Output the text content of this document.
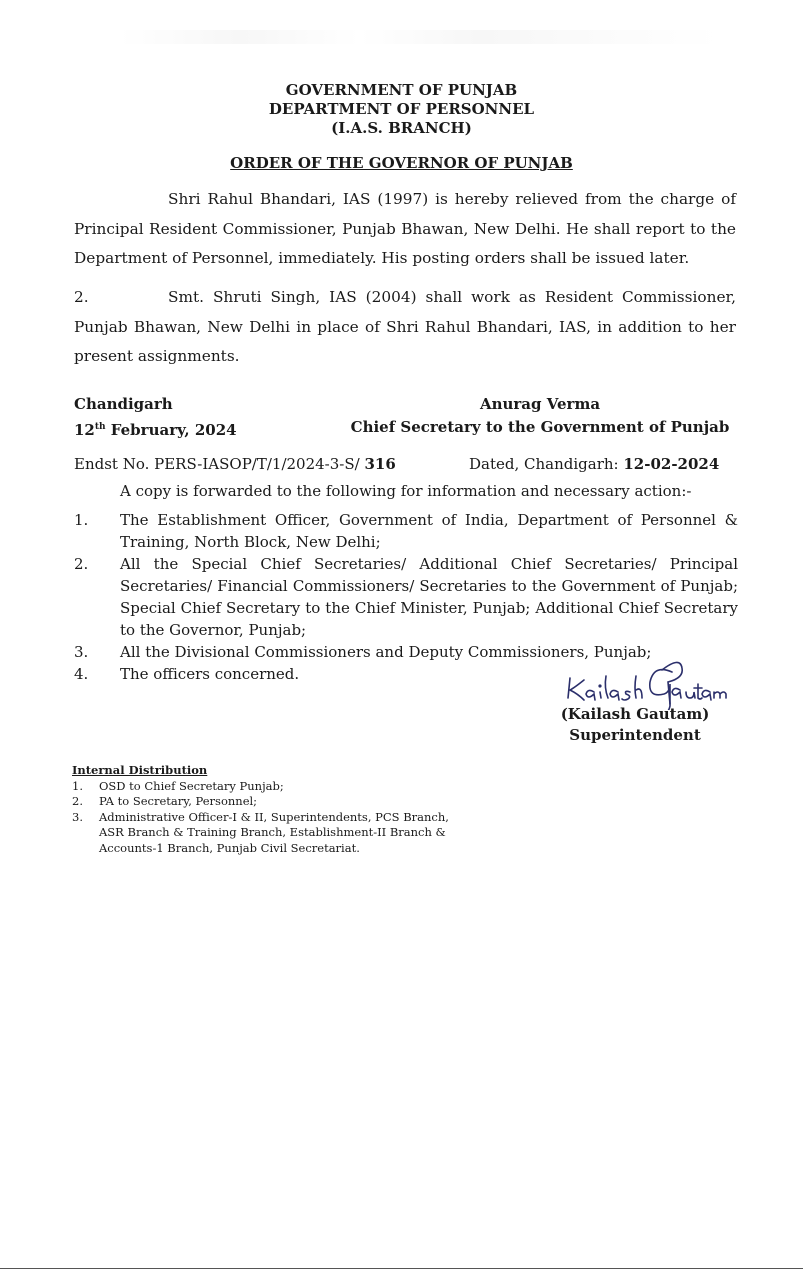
GOVERNMENT OF PUNJAB
DEPARTMENT OF PERSONNEL
(I.A.S. BRANCH)
ORDER OF THE GOVERNOR OF PUNJAB
Shri Rahul Bhandari, IAS (1997) is hereby relieved from the charge of Principal Resident Commissioner, Punjab Bhawan, New Delhi. He shall report to the Department of Personnel, immediately. His posting orders shall be issued later.
2.	Smt. Shruti Singh, IAS (2004) shall work as Resident Commissioner, Punjab Bhawan, New Delhi in place of Shri Rahul Bhandari, IAS, in addition to her present assignments.
Chandigarh
12th February, 2024
Anurag Verma
Chief Secretary to the Government of Punjab
Endst No. PERS-IASOP/T/1/2024-3-S/ 316	Dated, Chandigarh: 12-02-2024
A copy is forwarded to the following for information and necessary action:-
1. The Establishment Officer, Government of India, Department of Personnel & Training, North Block, New Delhi;
2. All the Special Chief Secretaries/ Additional Chief Secretaries/ Principal Secretaries/ Financial Commissioners/ Secretaries to the Government of Punjab; Special Chief Secretary to the Chief Minister, Punjab; Additional Chief Secretary to the Governor, Punjab;
3. All the Divisional Commissioners and Deputy Commissioners, Punjab;
4. The officers concerned.
(Kailash Gautam)
Superintendent
Internal Distribution
1. OSD to Chief Secretary Punjab;
2. PA to Secretary, Personnel;
3. Administrative Officer-I & II, Superintendents, PCS Branch,
ASR Branch & Training Branch, Establishment-II Branch &
Accounts-1 Branch, Punjab Civil Secretariat.
